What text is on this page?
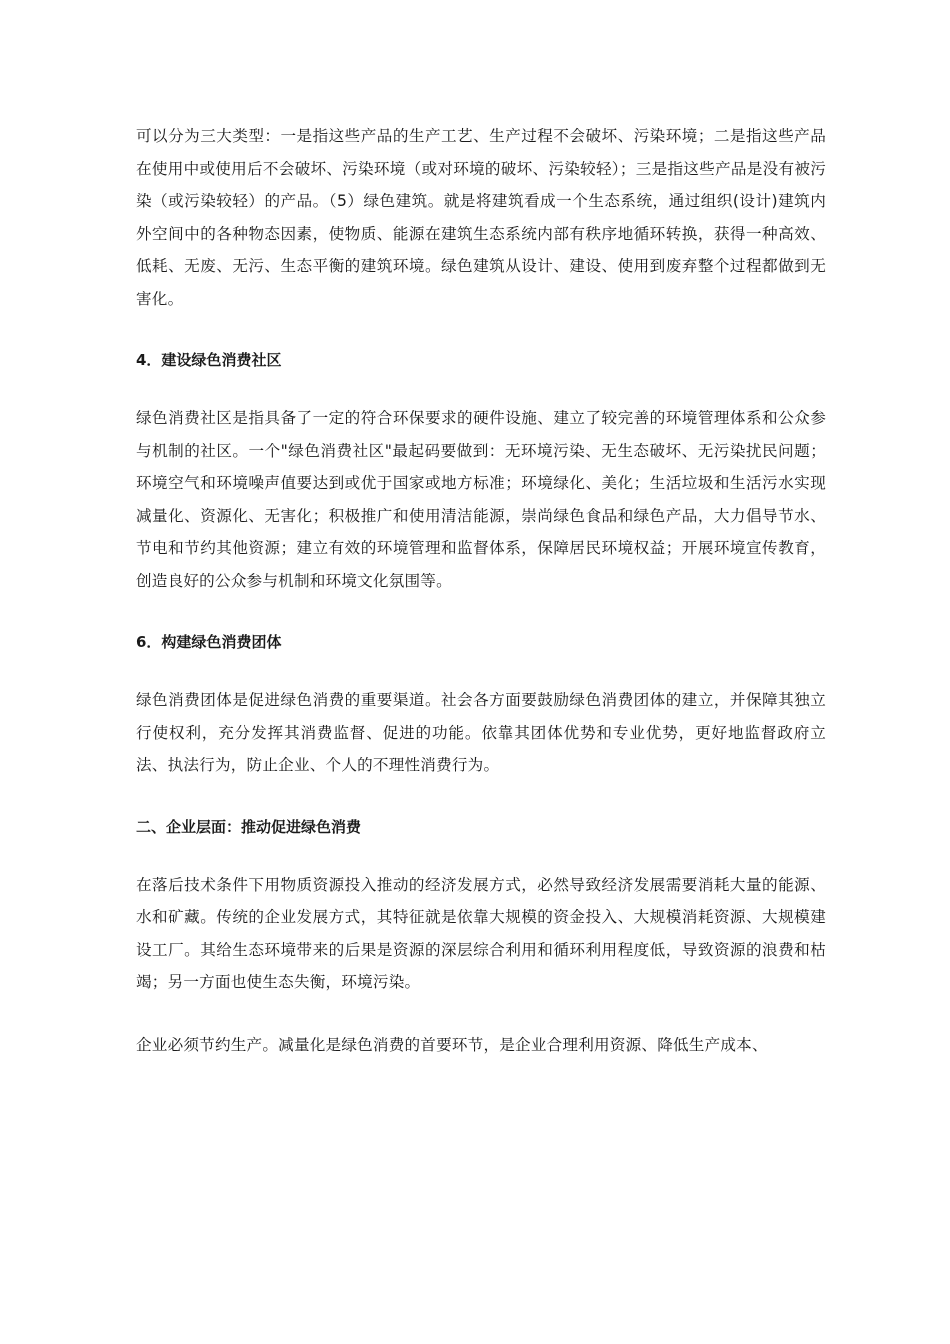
可以分为三大类型：一是指这些产品的生产工艺、生产过程不会破坏、污染环境；二是指这些产品在使用中或使用后不会破坏、污染环境（或对环境的破坏、污染较轻）；三是指这些产品是没有被污染（或污染较轻）的产品。（5）绿色建筑。就是将建筑看成一个生态系统，通过组织(设计)建筑内外空间中的各种物态因素，使物质、能源在建筑生态系统内部有秩序地循环转换，获得一种高效、低耗、无废、无污、生态平衡的建筑环境。绿色建筑从设计、建设、使用到废弃整个过程都做到无害化。

4．建设绿色消费社区

绿色消费社区是指具备了一定的符合环保要求的硬件设施、建立了较完善的环境管理体系和公众参与机制的社区。一个"绿色消费社区"最起码要做到：无环境污染、无生态破坏、无污染扰民问题；环境空气和环境噪声值要达到或优于国家或地方标准；环境绿化、美化；生活垃圾和生活污水实现减量化、资源化、无害化；积极推广和使用清洁能源，崇尚绿色食品和绿色产品，大力倡导节水、节电和节约其他资源；建立有效的环境管理和监督体系，保障居民环境权益；开展环境宣传教育，创造良好的公众参与机制和环境文化氛围等。

6．构建绿色消费团体

绿色消费团体是促进绿色消费的重要渠道。社会各方面要鼓励绿色消费团体的建立，并保障其独立行使权利，充分发挥其消费监督、促进的功能。依靠其团体优势和专业优势，更好地监督政府立法、执法行为，防止企业、个人的不理性消费行为。

二、企业层面：推动促进绿色消费

在落后技术条件下用物质资源投入推动的经济发展方式，必然导致经济发展需要消耗大量的能源、水和矿藏。传统的企业发展方式，其特征就是依靠大规模的资金投入、大规模消耗资源、大规模建设工厂。其给生态环境带来的后果是资源的深层综合利用和循环利用程度低，导致资源的浪费和枯竭；另一方面也使生态失衡，环境污染。

企业必须节约生产。减量化是绿色消费的首要环节，是企业合理利用资源、降低生产成本、
